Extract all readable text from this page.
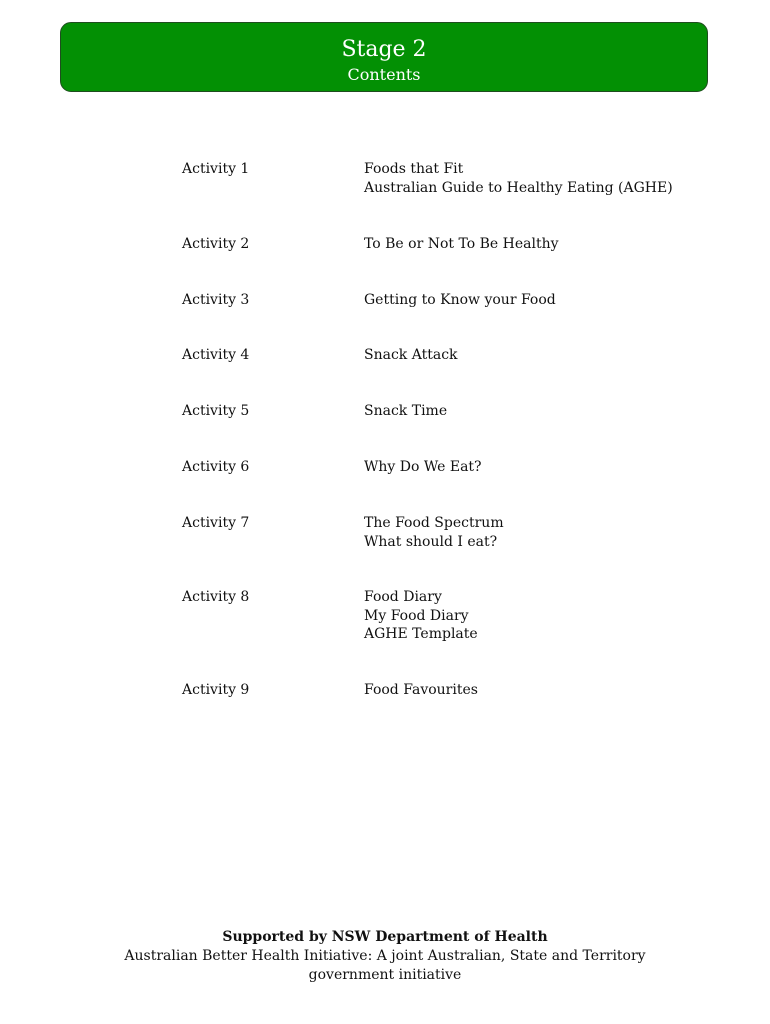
Stage 2
Contents
Activity 1	Foods that Fit
Australian Guide to Healthy Eating (AGHE)
Activity 2	To Be or Not To Be Healthy
Activity 3	Getting to Know your Food
Activity 4	Snack Attack
Activity 5	Snack Time
Activity 6	Why Do We Eat?
Activity 7	The Food Spectrum
What should I eat?
Activity 8	Food Diary
My Food Diary
AGHE Template
Activity 9	Food Favourites
Supported by NSW Department of Health
Australian Better Health Initiative: A joint Australian, State and Territory
government initiative
